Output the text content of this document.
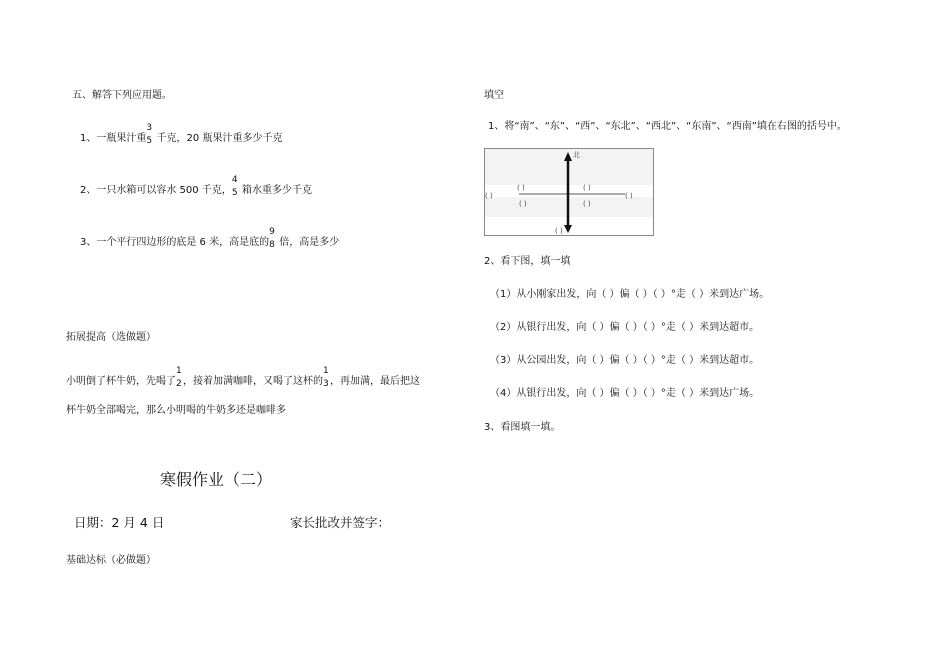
五、解答下列应用题。
1、一瓶果汁重
3
5 千克，20 瓶果汁重多少千克
2、一只水箱可以容水 500 千克，
4
5 箱水重多少千克
3、一个平行四边形的底是 6 米，高是底的
9
8 倍，高是多少
拓展提高（选做题）
小明倒了杯牛奶，先喝了
1
2 ，接着加满咖啡，又喝了这杯的
1
3 ，再加满，最后把这
杯牛奶全部喝完，那么小明喝的牛奶多还是咖啡多
寒假作业（二）
日期：2 月 4 日	家长批改并签字：
基础达标（必做题）
填空
1、将“南”、“东”、“西”、“东北”、“西北”、“东南”、“西南”填在右图的括号中。
北
( )	( )
( )	( )
( )	( )
( )
2、看下图，填一填
（1）从小刚家出发，向（ ）偏（ ）（ ）°走（ ）米到达广场。
（2）从银行出发，向（ ）偏（ ）（ ）°走（ ）米到达超市。
（3）从公园出发，向（ ）偏（ ）（ ）°走（ ）米到达超市。
（4）从银行出发，向（ ）偏（ ）（ ）°走（ ）米到达广场。
3、看图填一填。
